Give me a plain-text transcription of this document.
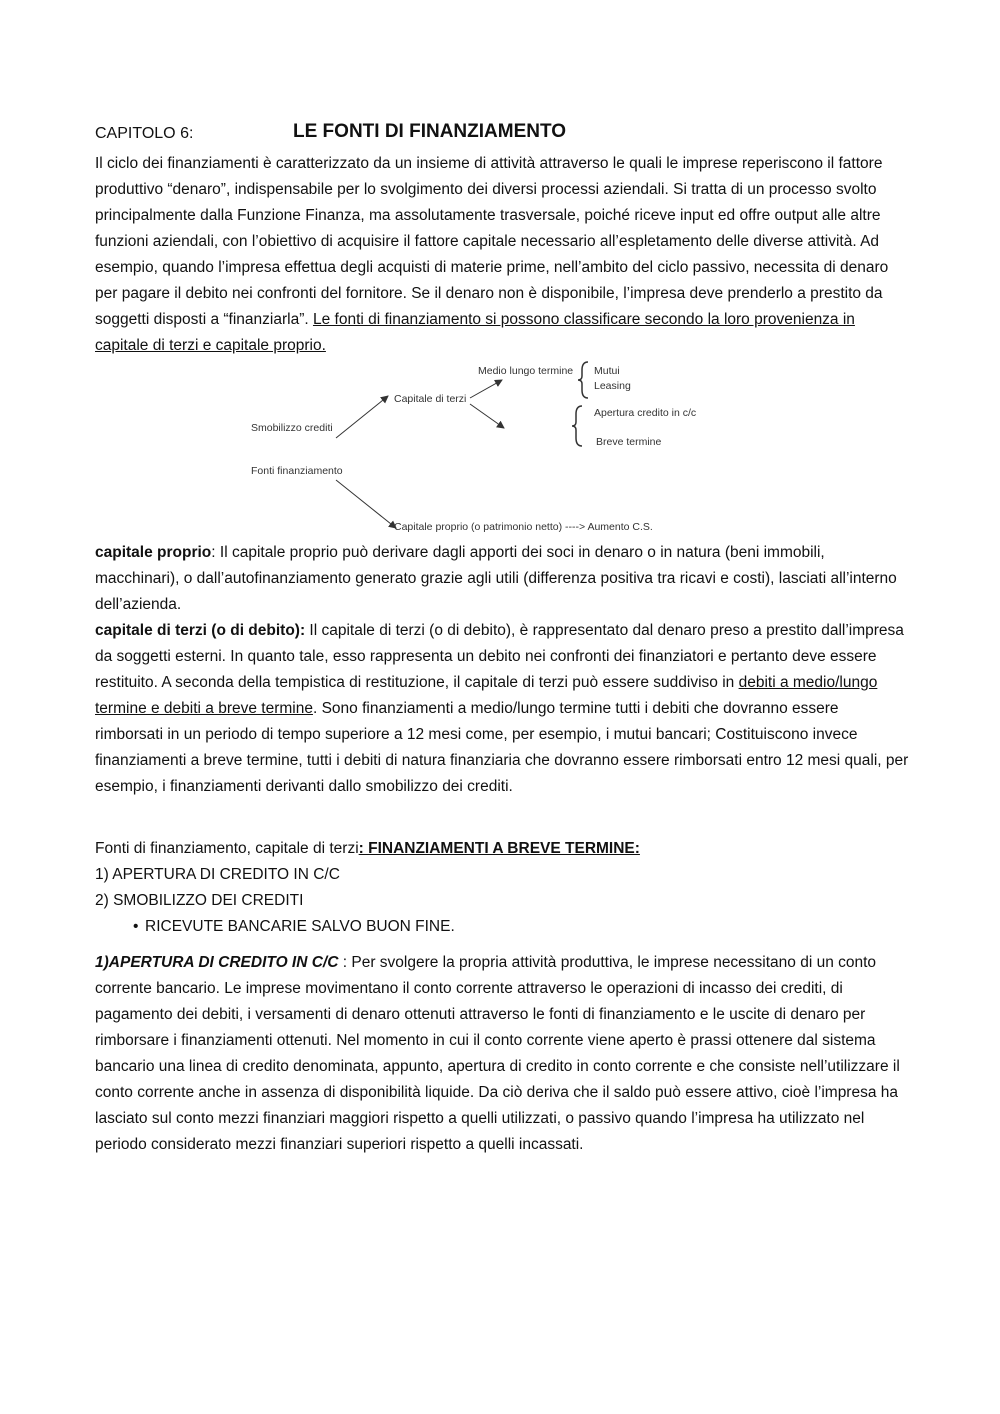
CAPITOLO 6:	LE FONTI DI FINANZIAMENTO

Il ciclo dei finanziamenti è caratterizzato da un insieme di attività attraverso le quali le imprese reperiscono il fattore produttivo “denaro”, indispensabile per lo svolgimento dei diversi processi aziendali. Si tratta di un processo svolto principalmente dalla Funzione Finanza, ma assolutamente trasversale, poiché riceve input ed offre output alle altre funzioni aziendali, con l’obiettivo di acquisire il fattore capitale necessario all’espletamento delle diverse attività. Ad esempio, quando l’impresa effettua degli acquisti di materie prime, nell’ambito del ciclo passivo, necessita di denaro per pagare il debito nei confronti del fornitore. Se il denaro non è disponibile, l’impresa deve prenderlo a prestito da soggetti disposti a “finanziarla”. Le fonti di finanziamento si possono classificare secondo la loro provenienza in capitale di terzi e capitale proprio.

Smobilizzo crediti
Fonti finanziamento
Capitale di terzi
Medio lungo termine Mutui
Leasing
Apertura credito in c/c
Breve termine
Capitale proprio (o patrimonio netto) ----> Aumento C.S.

capitale proprio: Il capitale proprio può derivare dagli apporti dei soci in denaro o in natura (beni immobili, macchinari), o dall’autofinanziamento generato grazie agli utili (differenza positiva tra ricavi e costi), lasciati all’interno dell’azienda.

capitale di terzi (o di debito): Il capitale di terzi (o di debito), è rappresentato dal denaro preso a prestito dall’impresa da soggetti esterni. In quanto tale, esso rappresenta un debito nei confronti dei finanziatori e pertanto deve essere restituito. A seconda della tempistica di restituzione, il capitale di terzi può essere suddiviso in debiti a medio/lungo termine e debiti a breve termine. Sono finanziamenti a medio/lungo termine tutti i debiti che dovranno essere rimborsati in un periodo di tempo superiore a 12 mesi come, per esempio, i mutui bancari; Costituiscono invece finanziamenti a breve termine, tutti i debiti di natura finanziaria che dovranno essere rimborsati entro 12 mesi quali, per esempio, i finanziamenti derivanti dallo smobilizzo dei crediti.

Fonti di finanziamento, capitale di terzi: FINANZIAMENTI A BREVE TERMINE:

1) APERTURA DI CREDITO IN C/C

2) SMOBILIZZO DEI CREDITI

• RICEVUTE BANCARIE SALVO BUON FINE.

1)APERTURA DI CREDITO IN C/C : Per svolgere la propria attività produttiva, le imprese necessitano di un conto corrente bancario. Le imprese movimentano il conto corrente attraverso le operazioni di incasso dei crediti, di pagamento dei debiti, i versamenti di denaro ottenuti attraverso le fonti di finanziamento e le uscite di denaro per rimborsare i finanziamenti ottenuti. Nel momento in cui il conto corrente viene aperto è prassi ottenere dal sistema bancario una linea di credito denominata, appunto, apertura di credito in conto corrente e che consiste nell’utilizzare il conto corrente anche in assenza di disponibilità liquide. Da ciò deriva che il saldo può essere attivo, cioè l’impresa ha lasciato sul conto mezzi finanziari maggiori rispetto a quelli utilizzati, o passivo quando l’impresa ha utilizzato nel periodo considerato mezzi finanziari superiori rispetto a quelli incassati.
